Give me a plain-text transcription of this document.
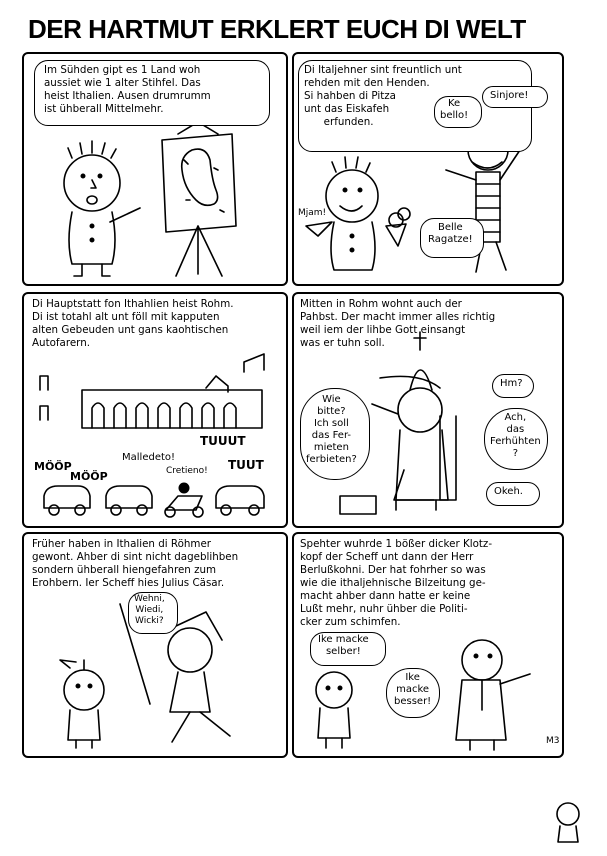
DER HARTMUT ERKLERT EUCH DI WELT
Im Sühden gipt es 1 Land woh
aussiet wie 1 alter Stihfel. Das
heist Ithalien. Ausen drumrumm
ist ühberall Mittelmehr.
Di Italjehner sint freuntlich unt
rehden mit den Henden.
Si hahben di Pitza
unt das Eiskafeh
erfunden.
Ke
bello!
Sinjore!
Mjam!
Belle
Ragatze!
Di Hauptstatt fon Ithahlien heist Rohm.
Di ist totahl alt unt föll mit kapputen
alten Gebeuden unt gans kaohtischen
Autofarern.
MÖÖP
MÖÖP
Malledeto!
TUUUT
Cretieno! TUUT
Mitten in Rohm wohnt auch der
Pahbst. Der macht immer alles richtig
weil iem der lihbe Gott einsangt
was er tuhn soll.
Wie
bitte?
Ich soll
das Fer-
mieten
ferbieten?
Hm?
Ach,
das
Ferhühten
?
Okeh.
Früher haben in Ithalien di Röhmer
gewont. Ahber di sint nicht dageblihben
sondern ühberall hiengefahren zum
Erohbern. Ier Scheff hies Julius Cäsar.
Wehni,
Wiedi,
Wicki?
Spehter wuhrde 1 bößer dicker Klotz-
kopf der Scheff unt dann der Herr
Berlußkohni. Der hat fohrher so was
wie die ithaljehnische Bilzeitung ge-
macht ahber dann hatte er keine
Lußt mehr, nuhr ühber die Politi-
cker zum schimfen.
Ike macke
selber!
Ike
macke
besser!
M3
